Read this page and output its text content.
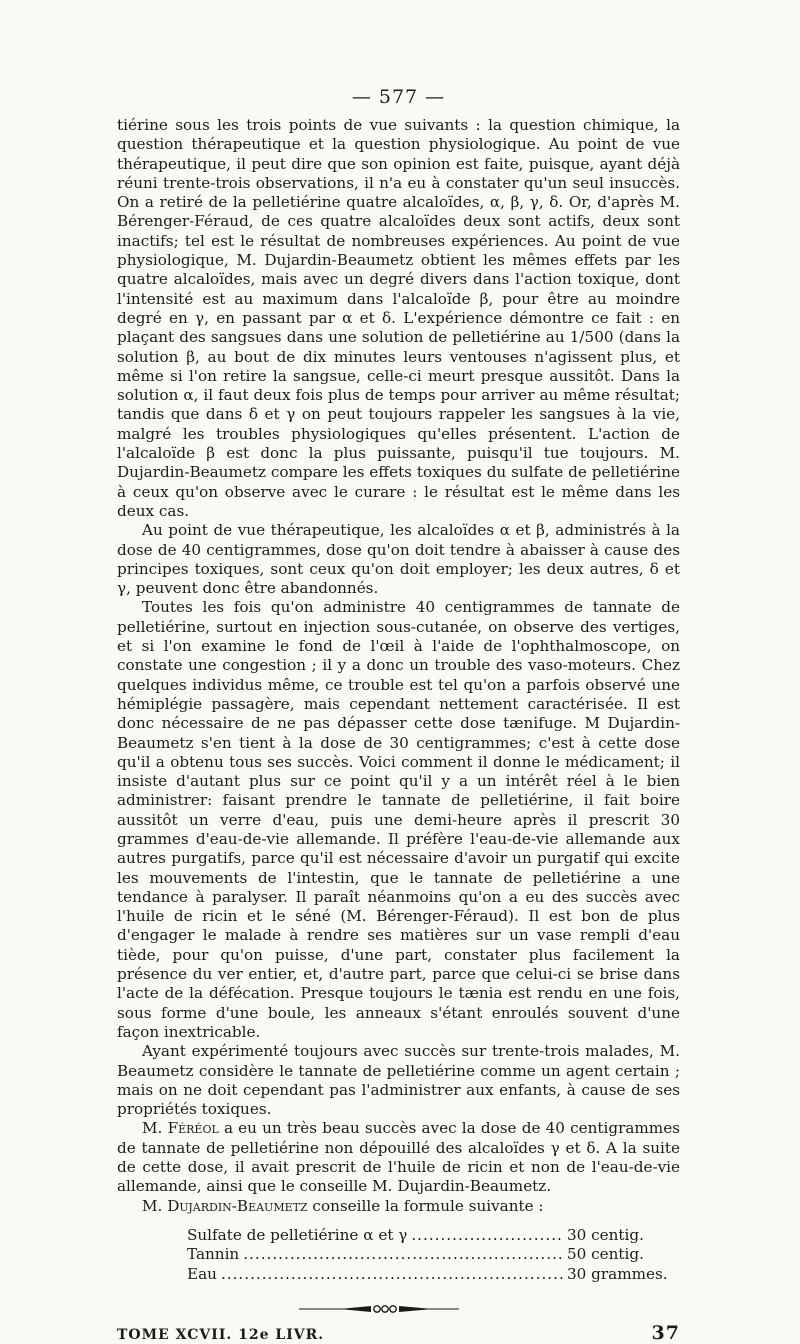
— 577 —

tiérine sous les trois points de vue suivants : la question chimique, la question thérapeutique et la question physiologique. Au point de vue thérapeutique, il peut dire que son opinion est faite, puisque, ayant déjà réuni trente-trois observations, il n'a eu à constater qu'un seul insuccès. On a retiré de la pelletiérine quatre alcaloïdes, α, β, γ, δ. Or, d'après M. Bérenger-Féraud, de ces quatre alcaloïdes deux sont actifs, deux sont inactifs; tel est le résultat de nombreuses expériences. Au point de vue physiologique, M. Dujardin-Beaumetz obtient les mêmes effets par les quatre alcaloïdes, mais avec un degré divers dans l'action toxique, dont l'intensité est au maximum dans l'alcaloïde β, pour être au moindre degré en γ, en passant par α et δ. L'expérience démontre ce fait : en plaçant des sangsues dans une solution de pelletiérine au 1/500 (dans la solution β, au bout de dix minutes leurs ventouses n'agissent plus, et même si l'on retire la sangsue, celle-ci meurt presque aussitôt. Dans la solution α, il faut deux fois plus de temps pour arriver au même résultat; tandis que dans δ et γ on peut toujours rappeler les sangsues à la vie, malgré les troubles physiologiques qu'elles présentent. L'action de l'alcaloïde β est donc la plus puissante, puisqu'il tue toujours. M. Dujardin-Beaumetz compare les effets toxiques du sulfate de pelletiérine à ceux qu'on observe avec le curare : le résultat est le même dans les deux cas.

Au point de vue thérapeutique, les alcaloïdes α et β, administrés à la dose de 40 centigrammes, dose qu'on doit tendre à abaisser à cause des principes toxiques, sont ceux qu'on doit employer; les deux autres, δ et γ, peuvent donc être abandonnés.

Toutes les fois qu'on administre 40 centigrammes de tannate de pelletiérine, surtout en injection sous-cutanée, on observe des vertiges, et si l'on examine le fond de l'œil à l'aide de l'ophthalmoscope, on constate une congestion ; il y a donc un trouble des vaso-moteurs. Chez quelques individus même, ce trouble est tel qu'on a parfois observé une hémiplégie passagère, mais cependant nettement caractérisée. Il est donc nécessaire de ne pas dépasser cette dose tænifuge. M Dujardin-Beaumetz s'en tient à la dose de 30 centigrammes; c'est à cette dose qu'il a obtenu tous ses succès. Voici comment il donne le médicament; il insiste d'autant plus sur ce point qu'il y a un intérêt réel à le bien administrer: faisant prendre le tannate de pelletiérine, il fait boire aussitôt un verre d'eau, puis une demi-heure après il prescrit 30 grammes d'eau-de-vie allemande. Il préfère l'eau-de-vie allemande aux autres purgatifs, parce qu'il est nécessaire d'avoir un purgatif qui excite les mouvements de l'intestin, que le tannate de pelletiérine a une tendance à paralyser. Il paraît néanmoins qu'on a eu des succès avec l'huile de ricin et le séné (M. Bérenger-Féraud). Il est bon de plus d'engager le malade à rendre ses matières sur un vase rempli d'eau tiède, pour qu'on puisse, d'une part, constater plus facilement la présence du ver entier, et, d'autre part, parce que celui-ci se brise dans l'acte de la défécation. Presque toujours le tænia est rendu en une fois, sous forme d'une boule, les anneaux s'étant enroulés souvent d'une façon inextricable.

Ayant expérimenté toujours avec succès sur trente-trois malades, M. Beaumetz considère le tannate de pelletiérine comme un agent certain ; mais on ne doit cependant pas l'administrer aux enfants, à cause de ses propriétés toxiques.

M. Féréol a eu un très beau succès avec la dose de 40 centigrammes de tannate de pelletiérine non dépouillé des alcaloïdes γ et δ. A la suite de cette dose, il avait prescrit de l'huile de ricin et non de l'eau-de-vie allemande, ainsi que le conseille M. Dujardin-Beaumetz.

M. Dujardin-Beaumetz conseille la formule suivante :

Sulfate de pelletiérine α et γ .....	30 centig.
Tannin .....	50 centig.
Eau .....	30 grammes.
TOME XCVII. 12e LIVR.	37
